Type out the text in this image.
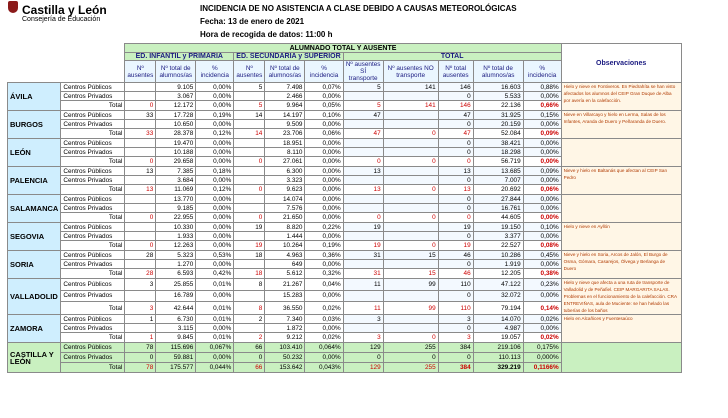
Castilla y León
Consejería de Educación
INCIDENCIA DE NO ASISTENCIA A CLASE DEBIDO A CAUSAS METEOROLÓGICAS
Fecha: 13 de enero de 2021
Hora de recogida de datos: 11:00 h
		ALUMNADO TOTAL Y AUSENTE											Observaciones
		ED. INFANTIL y PRIMARIA			ED. SECUNDARIA y SUPERIOR			TOTAL					
		Nº ausentes	Nº total de alumnos/as	% incidencia	Nº ausentes	Nº total de alumnos/as	% incidencia	Nº ausentes SÍ transporte	Nº ausentes NO transporte	Nº total ausentes	Nº total de alumnos/as	% incidencia	
ÁVILA	Centros Públicos		9.105	0,00%	5	7.498	0,07%	5	141	146	16.603	0,88%	Hielo y nieve en Fontiveros. En Piedrahíta se han visto afectados los alumnos del CEIP Gran Duque de Alba por avería en la calefacción.
	Centros Privados		3.067	0,00%		2.466	0,00%			0	5.533	0,00%	
	Total	0	12.172	0,00%	5	9.964	0,05%	5	141	146	22.136	0,66%	
BURGOS	Centros Públicos	33	17.728	0,19%	14	14.197	0,10%	47		47	31.925	0,15%	Nieve en Villarcayo y hielo en Lerma, Salas de los Infantes, Aranda de Duero y Peñaranda de Duero.
	Centros Privados		10.650	0,00%		9.509	0,00%			0	20.159	0,00%	
	Total	33	28.378	0,12%	14	23.706	0,06%	47	0	47	52.084	0,09%	
LEÓN	Centros Públicos		19.470	0,00%		18.951	0,00%			0	38.421	0,00%	
	Centros Privados		10.188	0,00%		8.110	0,00%			0	18.298	0,00%	
	Total	0	29.658	0,00%	0	27.061	0,00%	0	0	0	56.719	0,00%	
PALENCIA	Centros Públicos	13	7.385	0,18%		6.300	0,00%	13		13	13.685	0,09%	Nieve y hielo en Baltanás que afectan al CEIP San Pedro
	Centros Privados		3.684	0,00%		3.323	0,00%			0	7.007	0,00%	
	Total	13	11.069	0,12%	0	9.623	0,00%	13	0	13	20.692	0,06%	
SALAMANCA	Centros Públicos		13.770	0,00%		14.074	0,00%			0	27.844	0,00%	
	Centros Privados		9.185	0,00%		7.576	0,00%			0	16.761	0,00%	
	Total	0	22.955	0,00%	0	21.650	0,00%	0	0	0	44.605	0,00%	
SEGOVIA	Centros Públicos		10.330	0,00%	19	8.820	0,22%	19		19	19.150	0,10%	Hielo y nieve en Ayllón
	Centros Privados		1.933	0,00%		1.444	0,00%			0	3.377	0,00%	
	Total	0	12.263	0,00%	19	10.264	0,19%	19	0	19	22.527	0,08%	
SORIA	Centros Públicos	28	5.323	0,53%	18	4.963	0,36%	31	15	46	10.286	0,45%	Nieve y hielo en Soria, Arcos de Jalón, El Burgo de Osma, Gómara, Casarejos, Ólvega y Berlanga de Duero
	Centros Privados		1.270	0,00%		649	0,00%			0	1.919	0,00%	
	Total	28	6.593	0,42%	18	5.612	0,32%	31	15	46	12.205	0,38%	
VALLADOLID	Centros Públicos	3	25.855	0,01%	8	21.267	0,04%	11	99	110	47.122	0,23%	Hielo y nieve que afecta a una ruta de transporte de Valladolid y de Peñafiel. CEIP MARGARITA SALAS. Problemas en el funcionamiento de la calefacción. CRA ENTREVIÑAS, aula de Muciente: se han helado las tuberías de los baños
	Centros Privados		16.789	0,00%		15.283	0,00%			0	32.072	0,00%	
	Total	3	42.644	0,01%	8	36.550	0,02%	11	99	110	79.194	0,14%	
ZAMORA	Centros Públicos	1	6.730	0,01%	2	7.340	0,03%	3		3	14.070	0,02%	Hielo en Alcañices y Fuentesaúco
	Centros Privados		3.115	0,00%		1.872	0,00%			0	4.987	0,00%	
	Total	1	9.845	0,01%	2	9.212	0,02%	3	0	3	19.057	0,02%	
CASTILLA Y LEÓN	Centros Públicos	78	115.696	0,067%	66	103.410	0,064%	129	255	384	219.106	0,175%	
	Centros Privados	0	59.881	0,00%	0	50.232	0,00%	0	0	0	110.113	0,000%	
	Total	78	175.577	0,044%	66	153.642	0,043%	129	255	384	329.219	0,1166%	
